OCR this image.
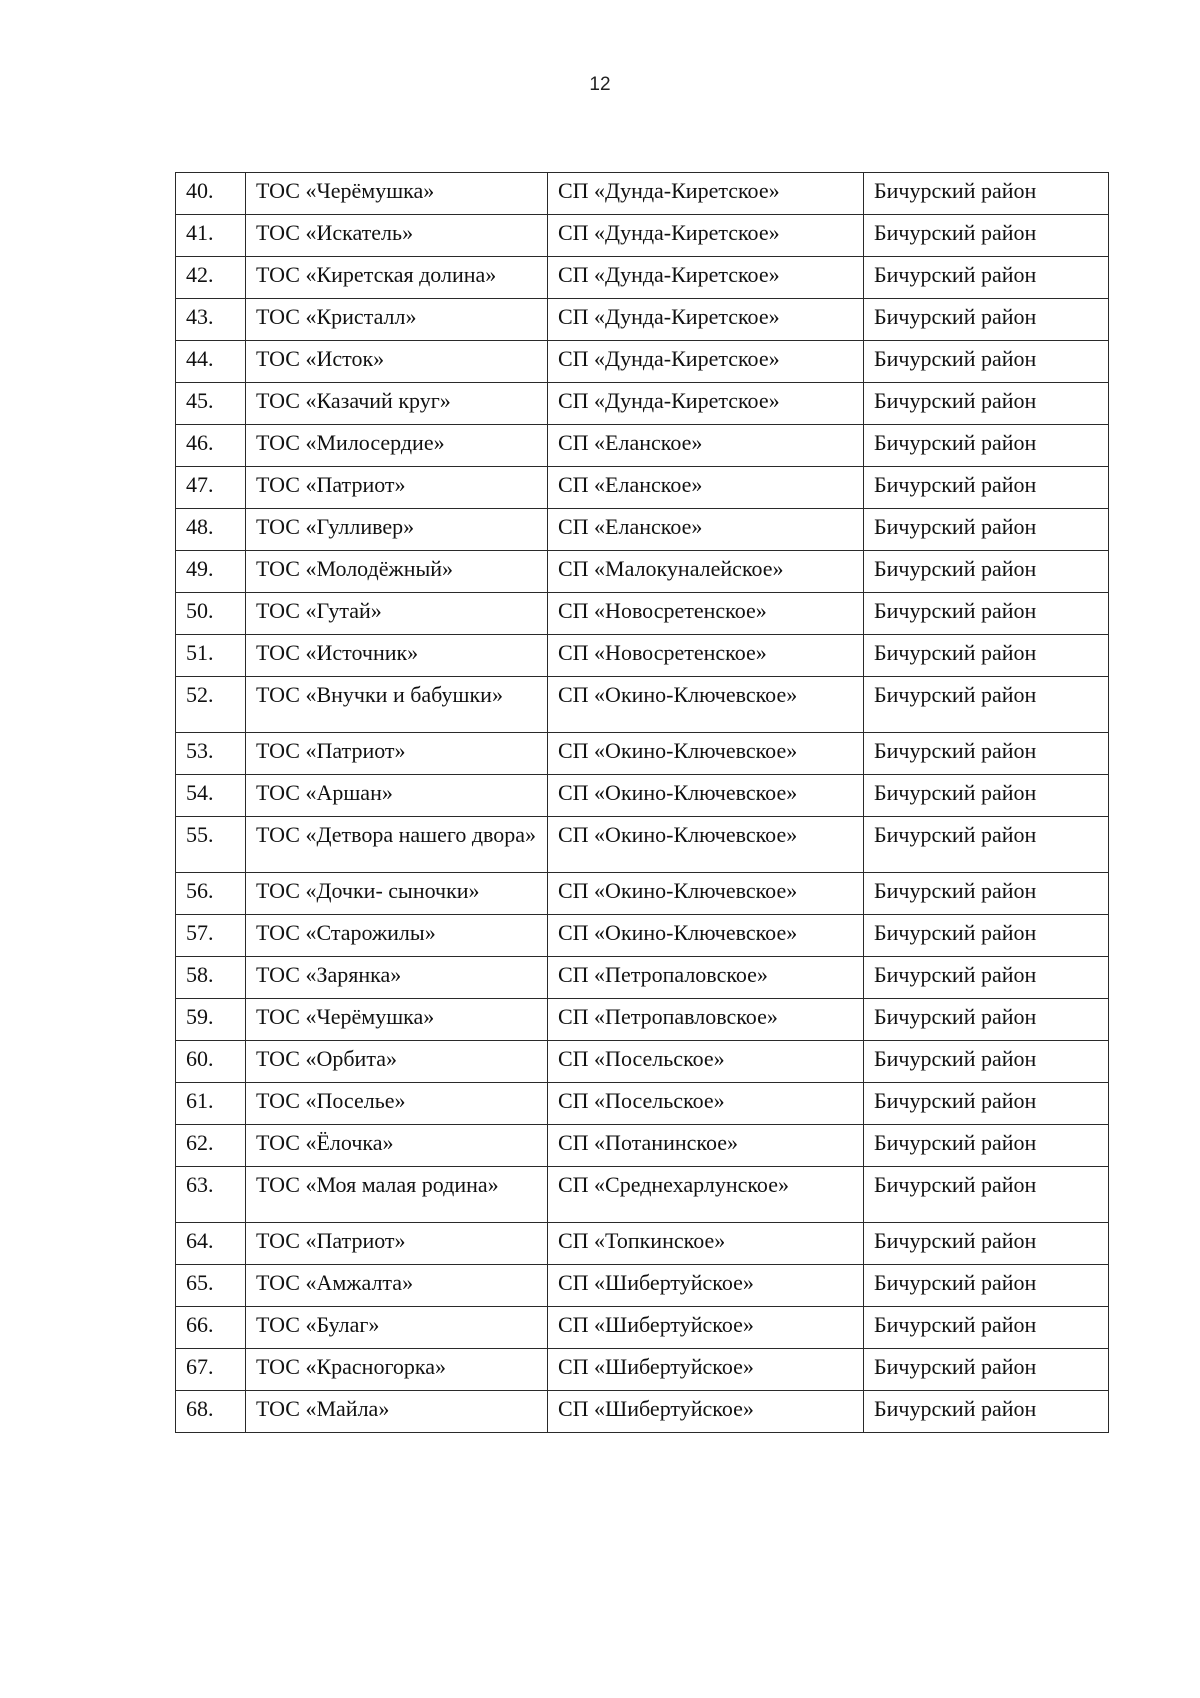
12
40.	ТОС «Черёмушка»	СП «Дунда-Киретское»	Бичурский район
41.	ТОС «Искатель»	СП «Дунда-Киретское»	Бичурский район
42.	ТОС «Киретская долина»	СП «Дунда-Киретское»	Бичурский район
43.	ТОС «Кристалл»	СП «Дунда-Киретское»	Бичурский район
44.	ТОС «Исток»	СП «Дунда-Киретское»	Бичурский район
45.	ТОС «Казачий круг»	СП «Дунда-Киретское»	Бичурский район
46.	ТОС «Милосердие»	СП «Еланское»	Бичурский район
47.	ТОС «Патриот»	СП «Еланское»	Бичурский район
48.	ТОС «Гулливер»	СП «Еланское»	Бичурский район
49.	ТОС «Молодёжный»	СП «Малокуналейское»	Бичурский район
50.	ТОС «Гутай»	СП «Новосретенское»	Бичурский район
51.	ТОС «Источник»	СП «Новосретенское»	Бичурский район
52.	ТОС «Внучки и бабушки»	СП «Окино-Ключевское»	Бичурский район
53.	ТОС «Патриот»	СП «Окино-Ключевское»	Бичурский район
54.	ТОС «Аршан»	СП «Окино-Ключевское»	Бичурский район
55.	ТОС «Детвора нашего двора»	СП «Окино-Ключевское»	Бичурский район
56.	ТОС «Дочки- сыночки»	СП «Окино-Ключевское»	Бичурский район
57.	ТОС «Старожилы»	СП «Окино-Ключевское»	Бичурский район
58.	ТОС «Зарянка»	СП «Петропаловское»	Бичурский район
59.	ТОС «Черёмушка»	СП «Петропавловское»	Бичурский район
60.	ТОС «Орбита»	СП «Посельское»	Бичурский район
61.	ТОС «Поселье»	СП «Посельское»	Бичурский район
62.	ТОС «Ёлочка»	СП «Потанинское»	Бичурский район
63.	ТОС «Моя малая родина»	СП «Среднехарлунское»	Бичурский район
64.	ТОС «Патриот»	СП «Топкинское»	Бичурский район
65.	ТОС «Амжалта»	СП «Шибертуйское»	Бичурский район
66.	ТОС «Булаг»	СП «Шибертуйское»	Бичурский район
67.	ТОС «Красногорка»	СП «Шибертуйское»	Бичурский район
68.	ТОС «Майла»	СП «Шибертуйское»	Бичурский район
